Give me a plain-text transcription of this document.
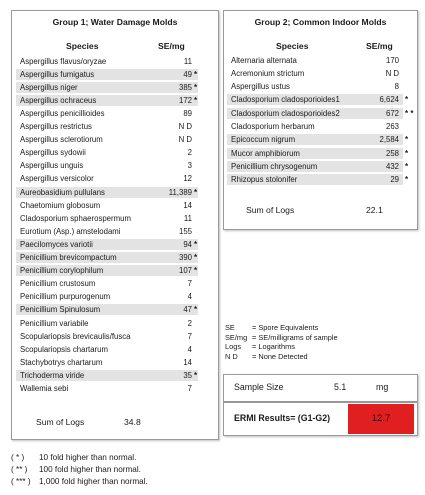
Group 1; Water Damage Molds
Species	SE/mg
Aspergillus flavus/oryzae	11
Aspergillus fumigatus	49 *
Aspergillus niger	385 *
Aspergillus ochraceus	172 *
Aspergillus penicillioides	89
Aspergillus restrictus	N D
Aspergillus sclerotiorum	N D
Aspergillus sydowii	2
Aspergillus unguis	3
Aspergillus versicolor	12
Aureobasidium pullulans	11,389 *
Chaetomium globosum	14
Cladosporium sphaerospermum	11
Eurotium (Asp.) amstelodami	155
Paecilomyces variotii	94 *
Penicillium brevicompactum	390 *
Penicillium corylophilum	107 *
Penicillium crustosum	7
Penicillium purpurogenum	4
Penicillium Spinulosum	47 *
Penicillium variabile	2
Scopulariopsis brevicaulis/fusca	7
Scopulariopsis chartarum	4
Stachybotrys chartarum	14
Trichoderma viride	35 *
Wallemia sebi	7
Sum of Logs	34.8
Group 2; Common Indoor Molds
Species	SE/mg
Alternaria alternata	170
Acremonium strictum	N D
Aspergillus ustus	8
Cladosporium cladosporioides1	6,624 *
Cladosporium cladosporioides2	672 * *
Cladosporium herbarum	263
Epicoccum nigrum	2,584 *
Mucor amphibiorum	258 *
Penicillium chrysogenum	432 *
Rhizopus stolonifer	29 *
Sum of Logs	22.1
SE = Spore Equivalents
SE/mg = SE/milligrams of sample
Logs = Logarithms
N D = None Detected
Sample Size	5.1	mg
ERMI Results= (G1-G2)	12.7
( * ) 10 fold higher than normal.
( ** ) 100 fold higher than normal.
( *** ) 1,000 fold higher than normal.
